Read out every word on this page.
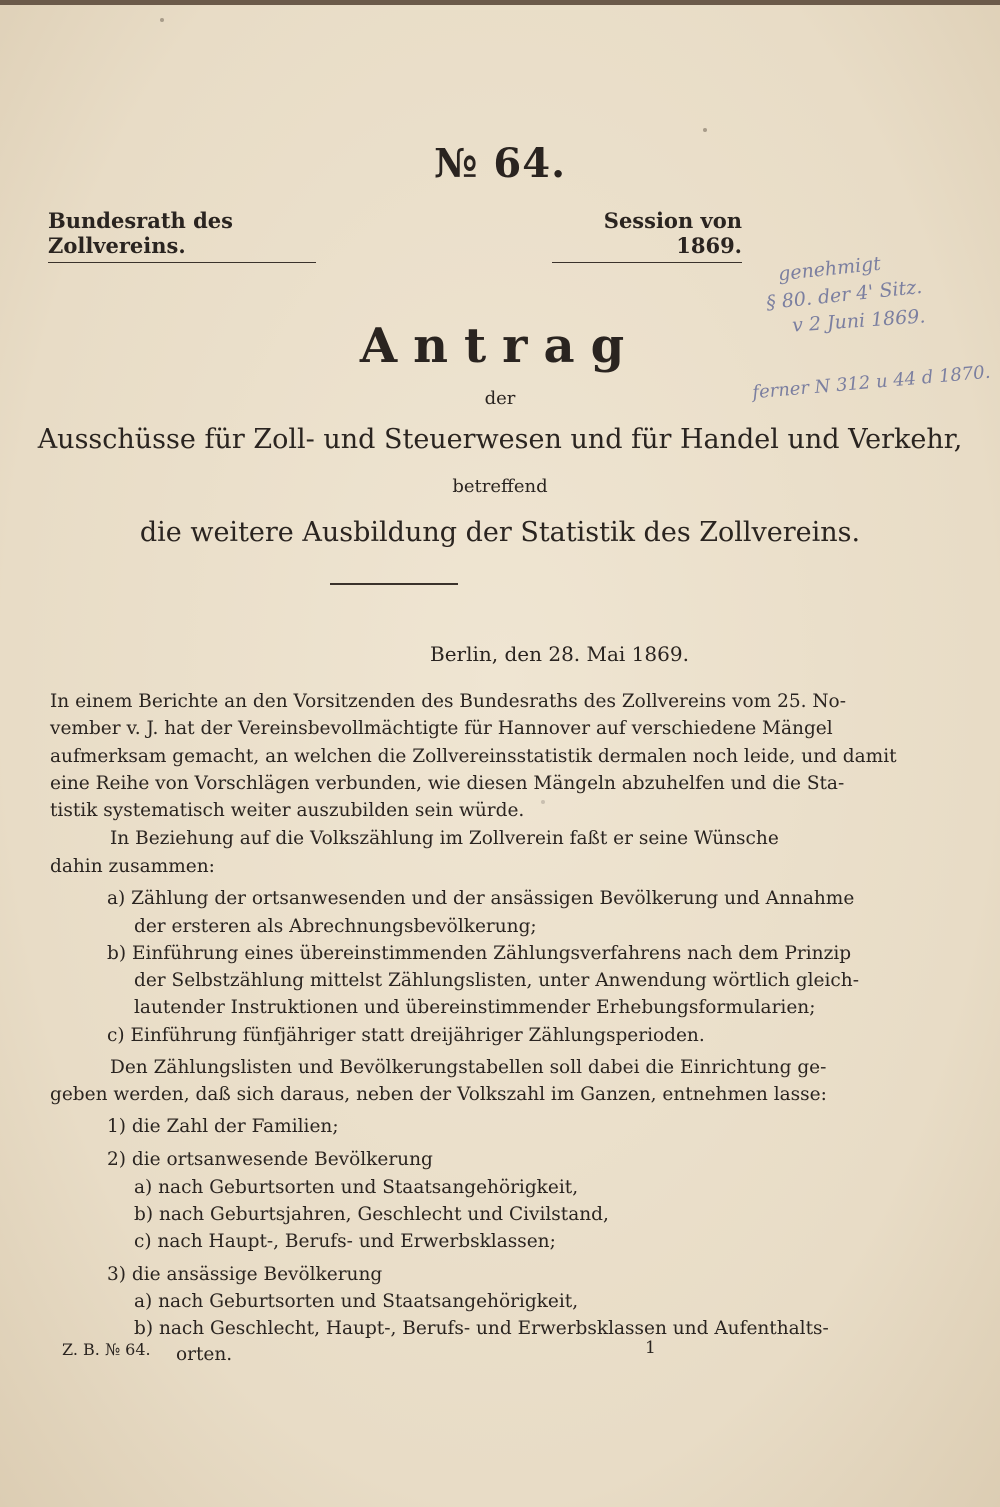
№ 64.
Bundesrath des Zollvereins.
Session von 1869.
genehmigt
§ 80. der 4' Sitz.
v 2 Juni 1869.
ferner N 312 u 44 d 1870.
Antrag
der
Ausschüsse für Zoll- und Steuerwesen und für Handel und Verkehr,
betreffend
die weitere Ausbildung der Statistik des Zollvereins.
Berlin, den 28. Mai 1869.
In einem Berichte an den Vorsitzenden des Bundesraths des Zollvereins vom 25. No-
vember v. J. hat der Vereinsbevollmächtigte für Hannover auf verschiedene Mängel
aufmerksam gemacht, an welchen die Zollvereinsstatistik dermalen noch leide, und damit
eine Reihe von Vorschlägen verbunden, wie diesen Mängeln abzuhelfen und die Sta-
tistik systematisch weiter auszubilden sein würde.
In Beziehung auf die Volkszählung im Zollverein faßt er seine Wünsche
dahin zusammen:
a) Zählung der ortsanwesenden und der ansässigen Bevölkerung und Annahme
der ersteren als Abrechnungsbevölkerung;
b) Einführung eines übereinstimmenden Zählungsverfahrens nach dem Prinzip
der Selbstzählung mittelst Zählungslisten, unter Anwendung wörtlich gleich-
lautender Instruktionen und übereinstimmender Erhebungsformularien;
c) Einführung fünfjähriger statt dreijähriger Zählungsperioden.
Den Zählungslisten und Bevölkerungstabellen soll dabei die Einrichtung ge-
geben werden, daß sich daraus, neben der Volkszahl im Ganzen, entnehmen lasse:
1) die Zahl der Familien;
2) die ortsanwesende Bevölkerung
a) nach Geburtsorten und Staatsangehörigkeit,
b) nach Geburtsjahren, Geschlecht und Civilstand,
c) nach Haupt-, Berufs- und Erwerbsklassen;
3) die ansässige Bevölkerung
a) nach Geburtsorten und Staatsangehörigkeit,
b) nach Geschlecht, Haupt-, Berufs- und Erwerbsklassen und Aufenthalts-
orten.
Z. B. № 64.	1
